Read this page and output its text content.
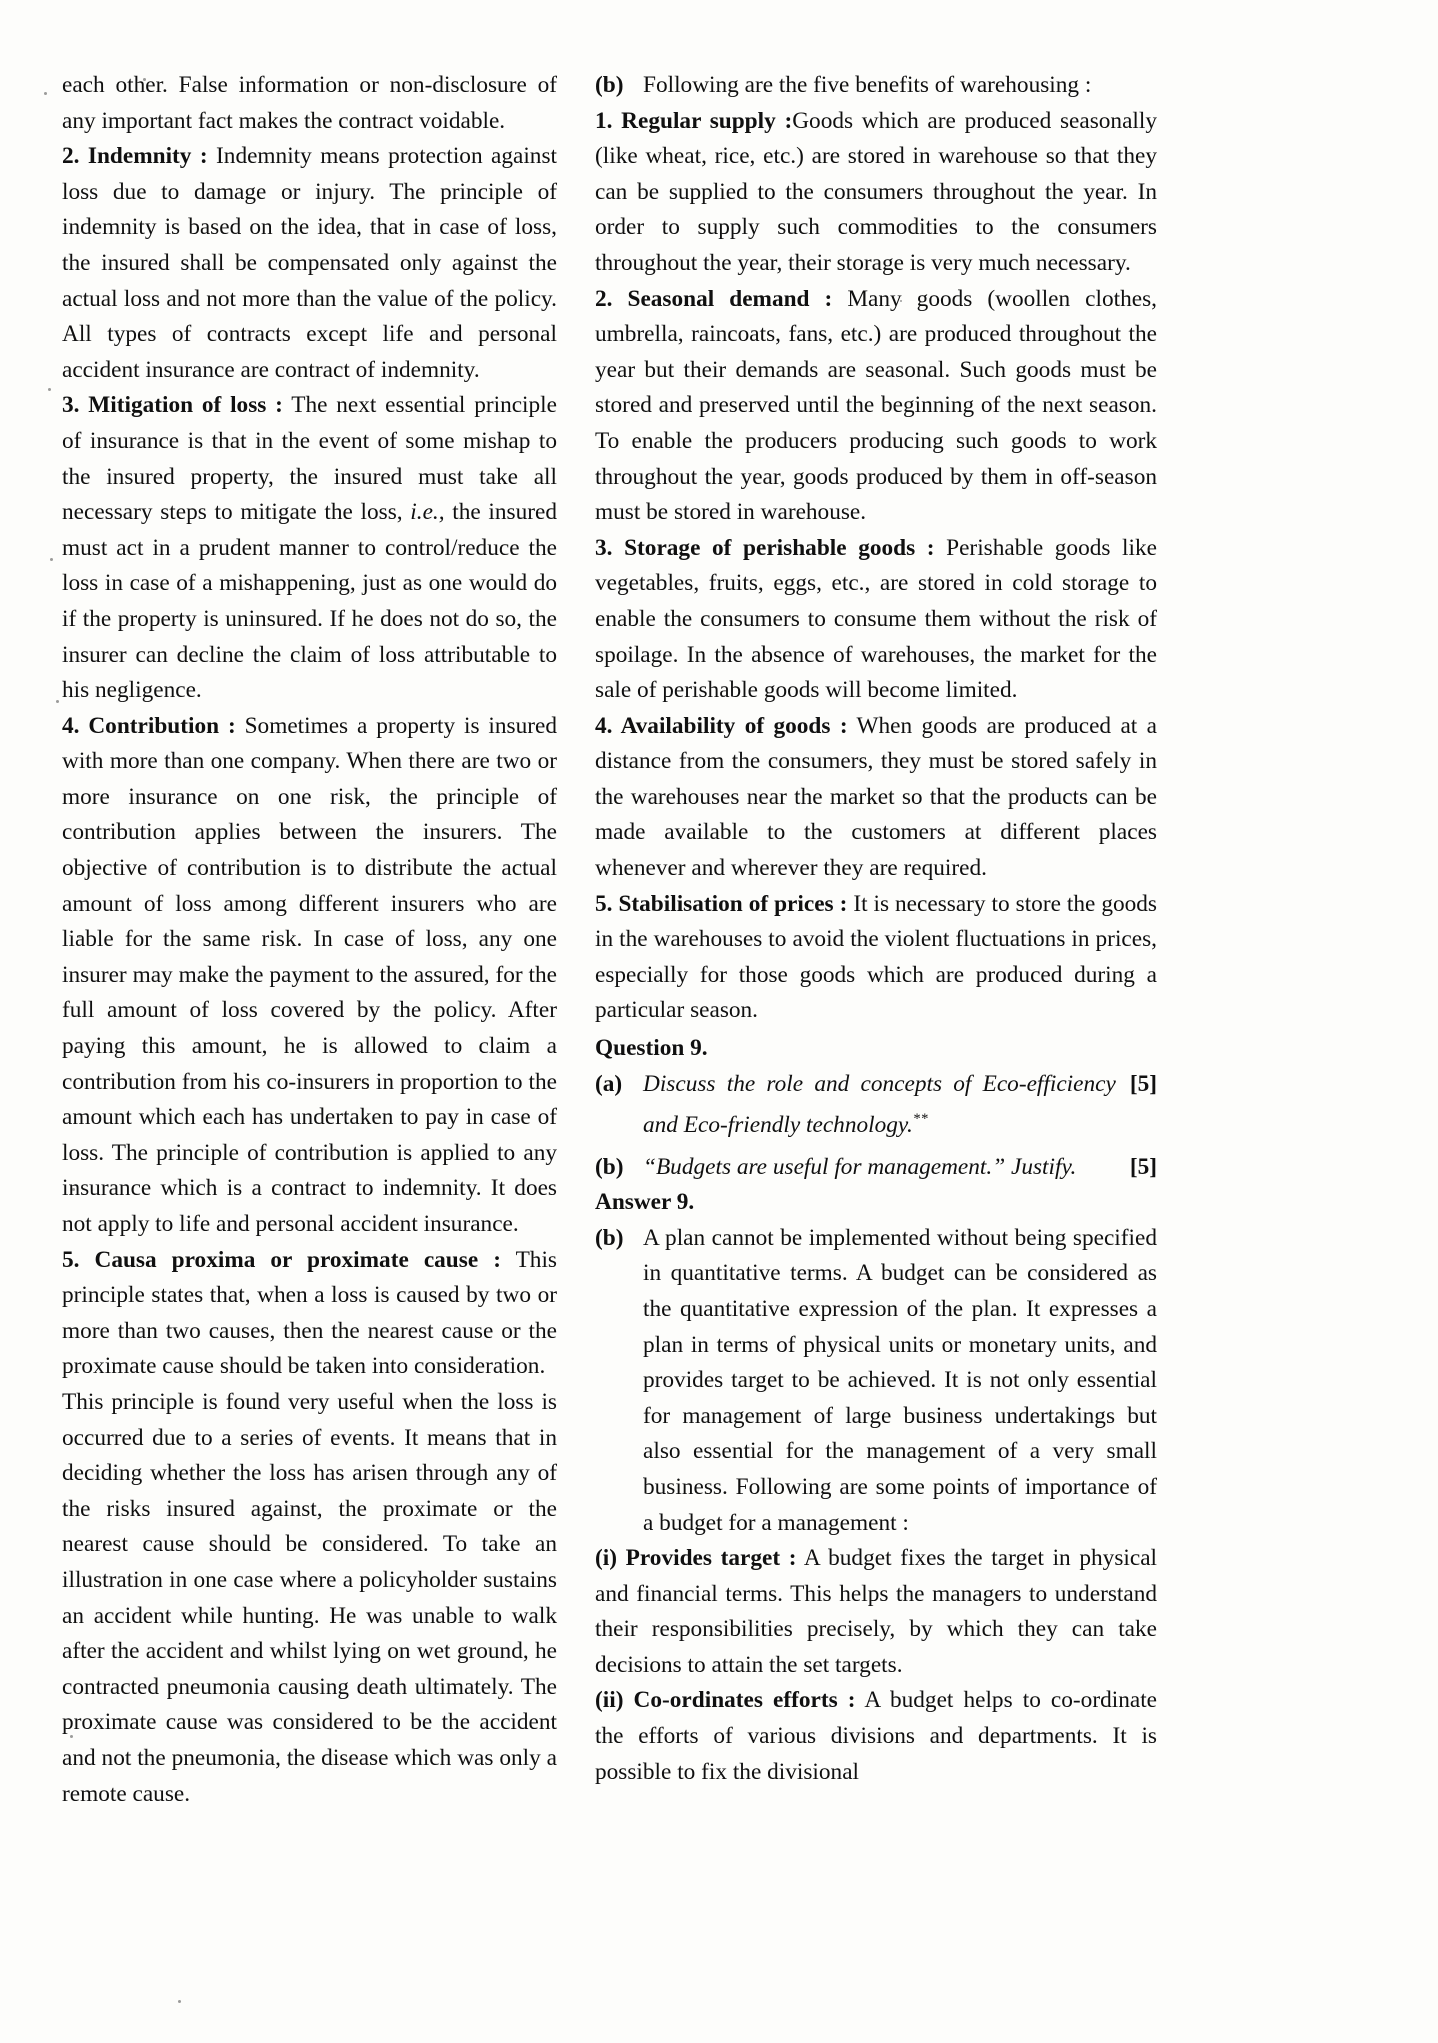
each other. False information or non-disclosure of any important fact makes the contract voidable.

2. Indemnity : Indemnity means protection against loss due to damage or injury. The principle of indemnity is based on the idea, that in case of loss, the insured shall be compensated only against the actual loss and not more than the value of the policy. All types of contracts except life and personal accident insurance are contract of indemnity.

3. Mitigation of loss : The next essential principle of insurance is that in the event of some mishap to the insured property, the insured must take all necessary steps to mitigate the loss, i.e., the insured must act in a prudent manner to control/reduce the loss in case of a mishappening, just as one would do if the property is uninsured. If he does not do so, the insurer can decline the claim of loss attributable to his negligence.

4. Contribution : Sometimes a property is insured with more than one company. When there are two or more insurance on one risk, the principle of contribution applies between the insurers. The objective of contribution is to distribute the actual amount of loss among different insurers who are liable for the same risk. In case of loss, any one insurer may make the payment to the assured, for the full amount of loss covered by the policy. After paying this amount, he is allowed to claim a contribution from his co-insurers in proportion to the amount which each has undertaken to pay in case of loss. The principle of contribution is applied to any insurance which is a contract to indemnity. It does not apply to life and personal accident insurance.

5. Causa proxima or proximate cause : This principle states that, when a loss is caused by two or more than two causes, then the nearest cause or the proximate cause should be taken into consideration.

This principle is found very useful when the loss is occurred due to a series of events. It means that in deciding whether the loss has arisen through any of the risks insured against, the proximate or the nearest cause should be considered. To take an illustration in one case where a policyholder sustains an accident while hunting. He was unable to walk after the accident and whilst lying on wet ground, he contracted pneumonia causing death ultimately. The proximate cause was considered to be the accident and not the pneumonia, the disease which was only a remote cause.

(b) Following are the five benefits of warehousing :

1. Regular supply :Goods which are produced seasonally (like wheat, rice, etc.) are stored in warehouse so that they can be supplied to the consumers throughout the year. In order to supply such commodities to the consumers throughout the year, their storage is very much necessary.

2. Seasonal demand : Many goods (woollen clothes, umbrella, raincoats, fans, etc.) are produced throughout the year but their demands are seasonal. Such goods must be stored and preserved until the beginning of the next season. To enable the producers producing such goods to work throughout the year, goods produced by them in off-season must be stored in warehouse.

3. Storage of perishable goods : Perishable goods like vegetables, fruits, eggs, etc., are stored in cold storage to enable the consumers to consume them without the risk of spoilage. In the absence of warehouses, the market for the sale of perishable goods will become limited.

4. Availability of goods : When goods are produced at a distance from the consumers, they must be stored safely in the warehouses near the market so that the products can be made available to the customers at different places whenever and wherever they are required.

5. Stabilisation of prices : It is necessary to store the goods in the warehouses to avoid the violent fluctuations in prices, especially for those goods which are produced during a particular season.

Question 9.

(a)	[5]
Discuss the role and concepts of Eco-efficiency and Eco-friendly technology.**
(b)	[5]
“Budgets are useful for management.” Justify.

Answer 9.

(b) A plan cannot be implemented without being specified in quantitative terms. A budget can be considered as the quantitative expression of the plan. It expresses a plan in terms of physical units or monetary units, and provides target to be achieved. It is not only essential for management of large business undertakings but also essential for the management of a very small business. Following are some points of importance of a budget for a management :

(i) Provides target : A budget fixes the target in physical and financial terms. This helps the managers to understand their responsibilities precisely, by which they can take decisions to attain the set targets.

(ii) Co-ordinates efforts : A budget helps to co-ordinate the efforts of various divisions and departments. It is possible to fix the divisional
